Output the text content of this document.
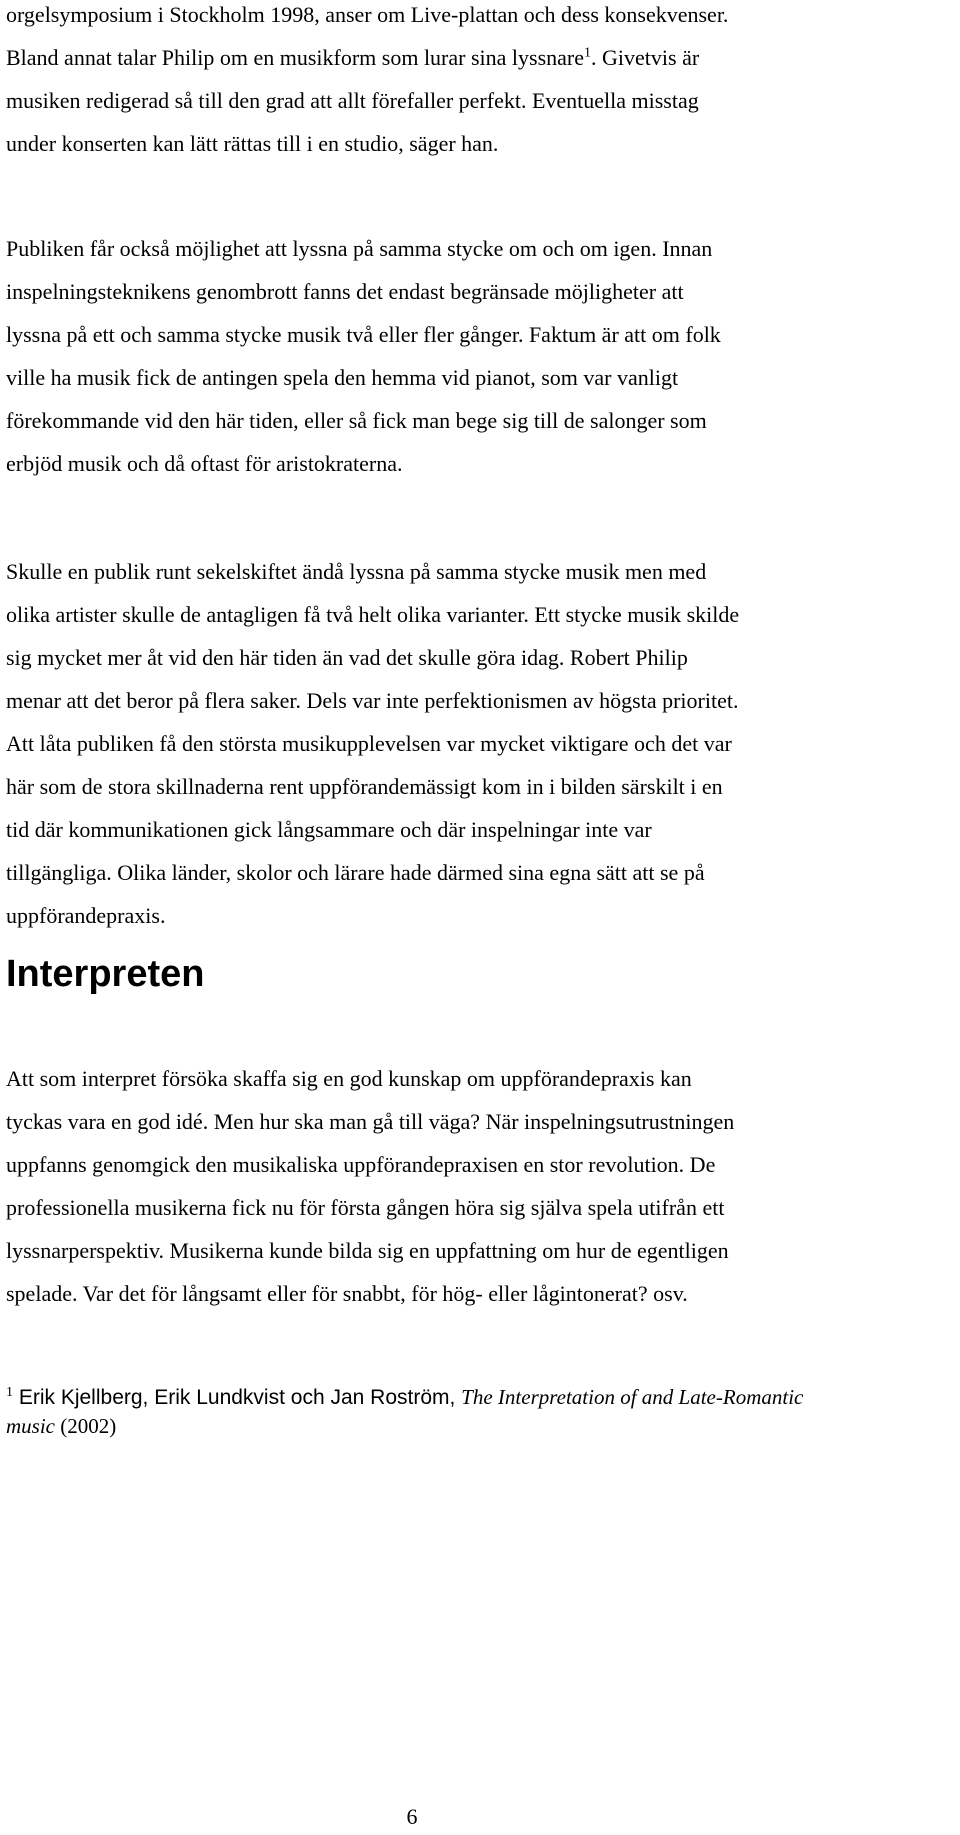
orgelsymposium i Stockholm 1998, anser om Live-plattan och dess konsekvenser.
Bland annat talar Philip om en musikform som lurar sina lyssnare$^1$. Givetvis är
musiken redigerad så till den grad att allt förefaller perfekt. Eventuella misstag
under konserten kan lätt rättas till i en studio, säger han.

Publiken får också möjlighet att lyssna på samma stycke om och om igen. Innan
inspelningsteknikens genombrott fanns det endast begränsade möjligheter att
lyssna på ett och samma stycke musik två eller fler gånger. Faktum är att om folk
ville ha musik fick de antingen spela den hemma vid pianot, som var vanligt
förekommande vid den här tiden, eller så fick man bege sig till de salonger som
erbjöd musik och då oftast för aristokraterna.

Skulle en publik runt sekelskiftet ändå lyssna på samma stycke musik men med
olika artister skulle de antagligen få två helt olika varianter. Ett stycke musik skilde
sig mycket mer åt vid den här tiden än vad det skulle göra idag. Robert Philip
menar att det beror på flera saker. Dels var inte perfektionismen av högsta prioritet.
Att låta publiken få den största musikupplevelsen var mycket viktigare och det var
här som de stora skillnaderna rent uppförandemässigt kom in i bilden särskilt i en
tid där kommunikationen gick långsammare och där inspelningar inte var
tillgängliga. Olika länder, skolor och lärare hade därmed sina egna sätt att se på
uppförandepraxis.

Interpreten

Att som interpret försöka skaffa sig en god kunskap om uppförandepraxis kan
tyckas vara en god idé. Men hur ska man gå till väga? När inspelningsutrustningen
uppfanns genomgick den musikaliska uppförandepraxisen en stor revolution. De
professionella musikerna fick nu för första gången höra sig själva spela utifrån ett
lyssnarperspektiv. Musikerna kunde bilda sig en uppfattning om hur de egentligen
spelade. Var det för långsamt eller för snabbt, för hög- eller lågintonerat? osv.

$^1$ Erik Kjellberg, Erik Lundkvist och Jan Roström, The Interpretation of and Late-Romantic
music (2002)

6
